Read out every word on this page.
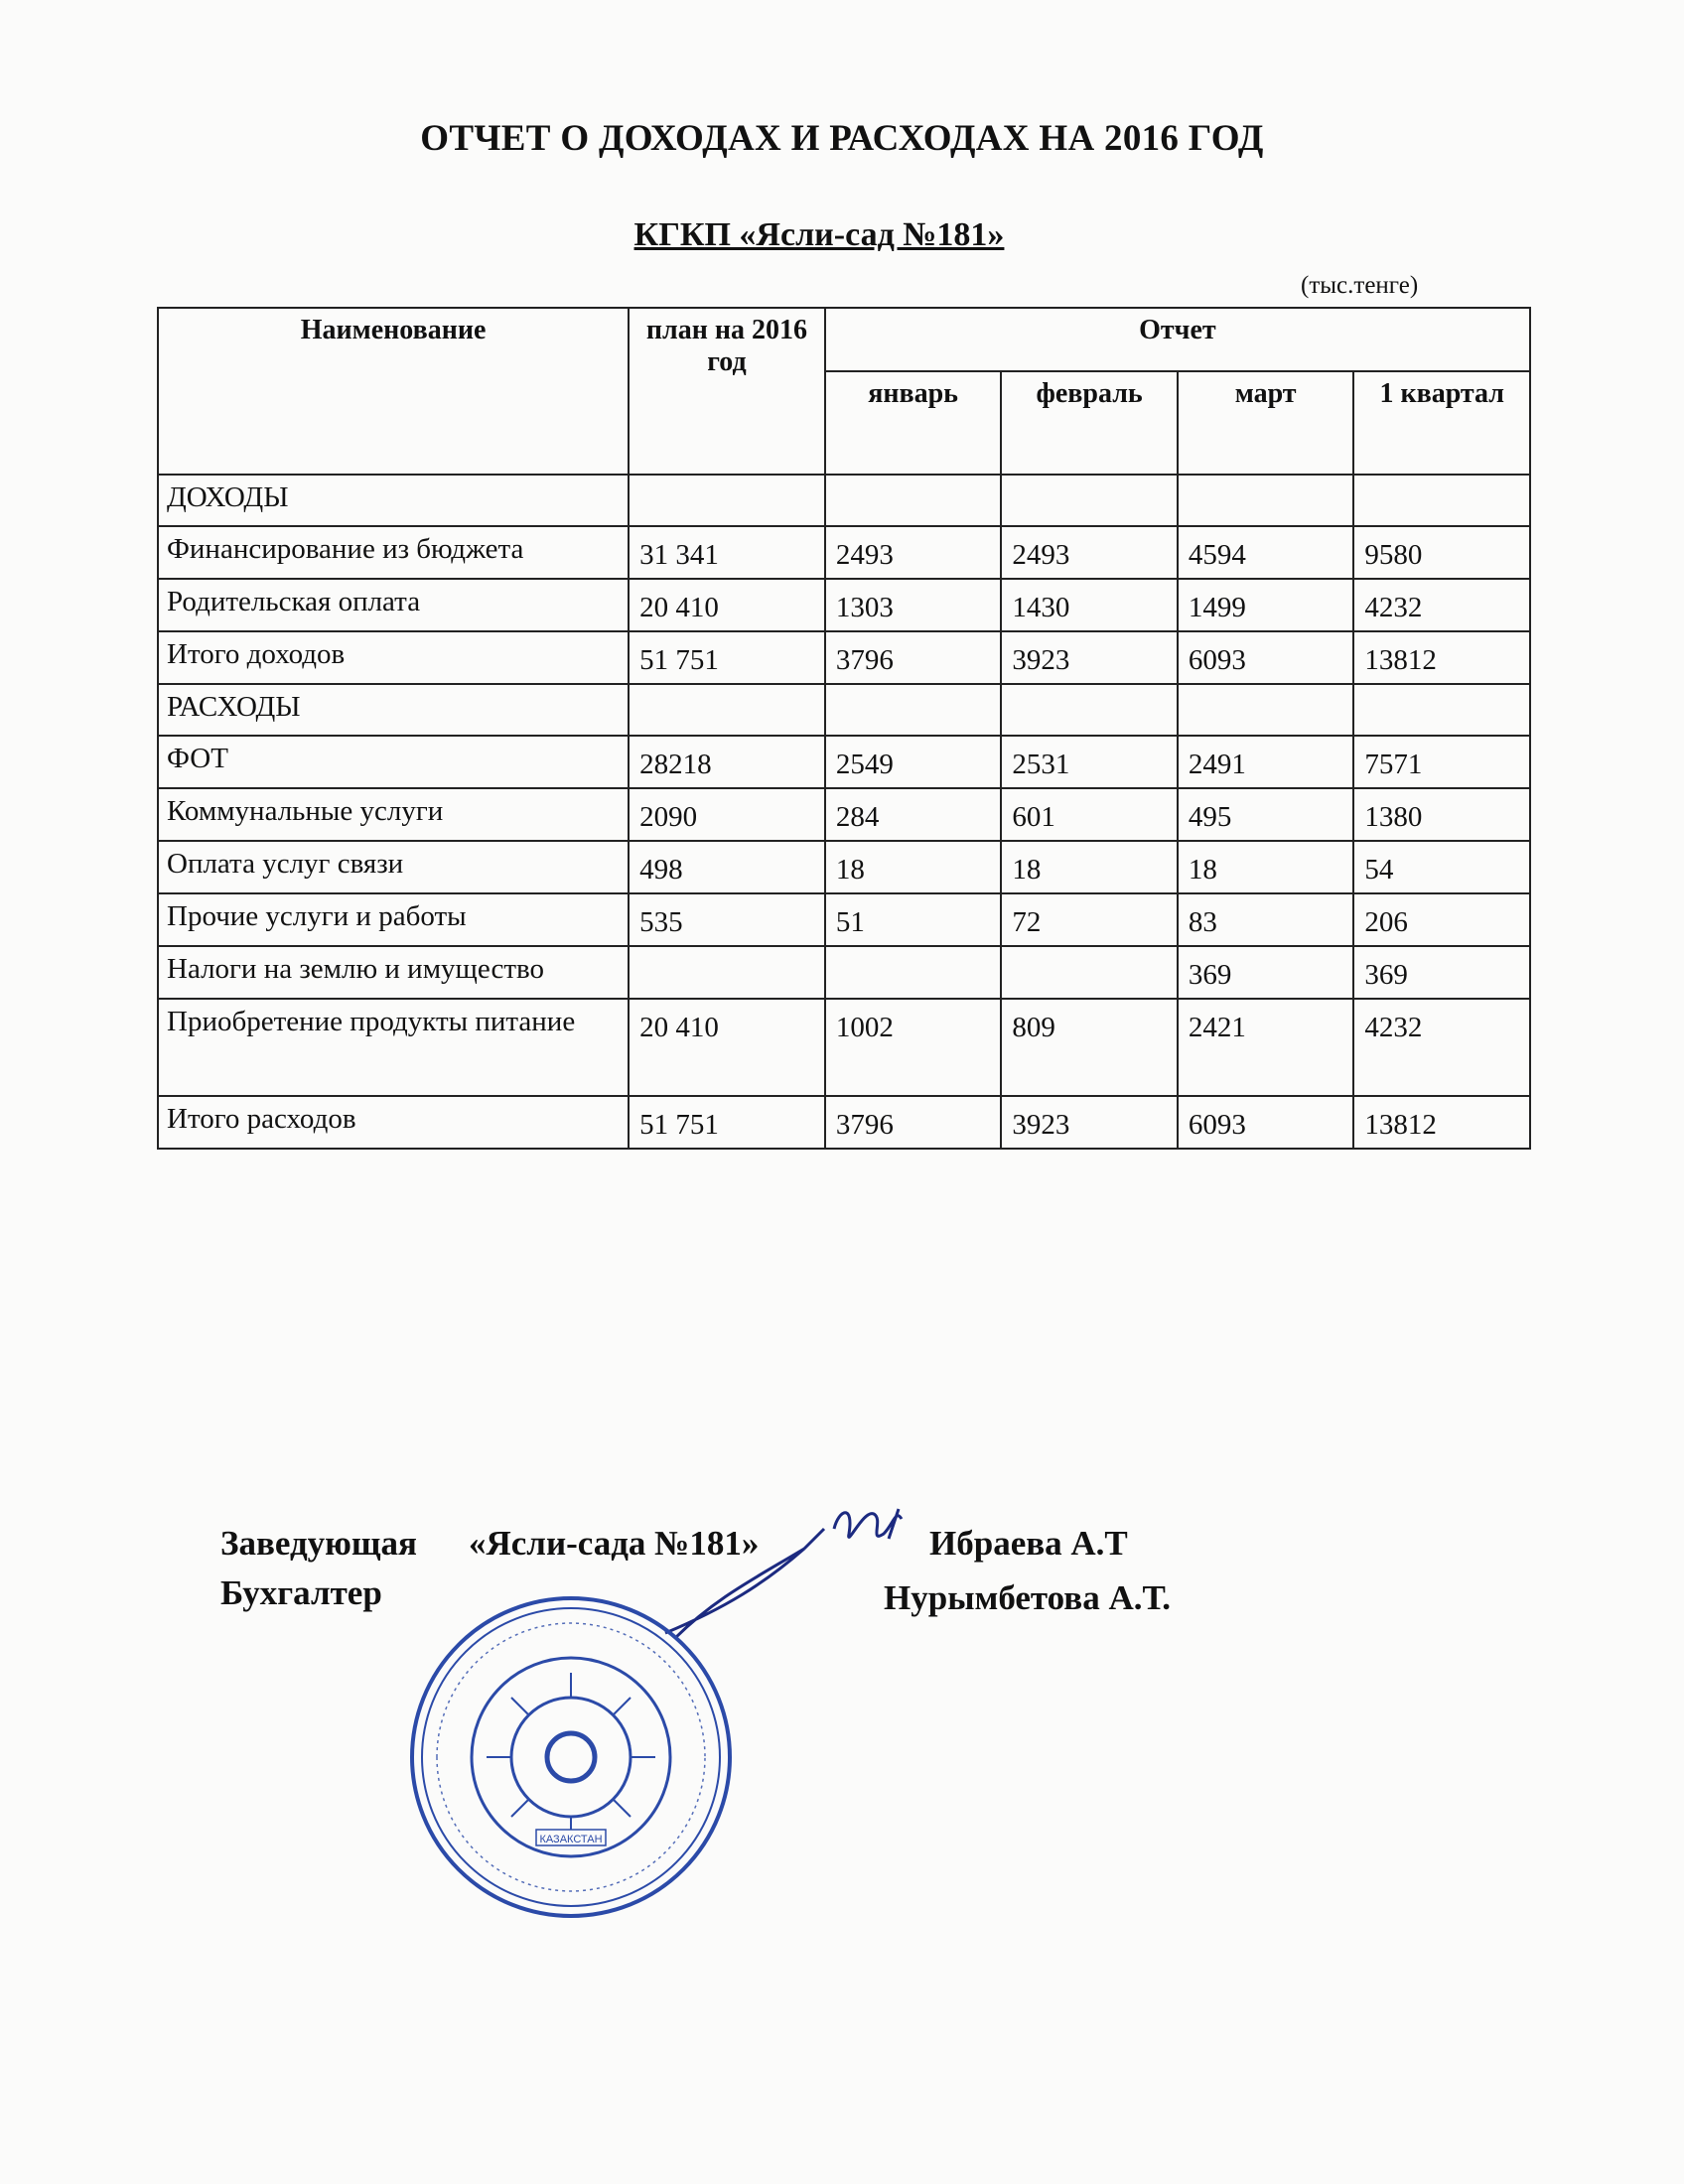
ОТЧЕТ О ДОХОДАХ И РАСХОДАХ НА 2016 ГОД
КГКП «Ясли-сад №181»
(тыс.тенге)
Наименование	план на 2016 год	Отчет			
		январь	февраль	март	1 квартал
ДОХОДЫ					
Финансирование из бюджета	31 341	2493	2493	4594	9580
Родительская оплата	20 410	1303	1430	1499	4232
Итого доходов	51 751	3796	3923	6093	13812
РАСХОДЫ					
ФОТ	28218	2549	2531	2491	7571
Коммунальные услуги	2090	284	601	495	1380
Оплата услуг связи	498	18	18	18	54
Прочие услуги и работы	535	51	72	83	206
Налоги на землю и имущество				369	369
Приобретение продукты питание	20 410	1002	809	2421	4232
Итого расходов	51 751	3796	3923	6093	13812
Заведующая «Ясли-сада №181»	Ибраева А.Т
Бухгалтер	Нурымбетова А.Т.
КАЗАКСТАН
